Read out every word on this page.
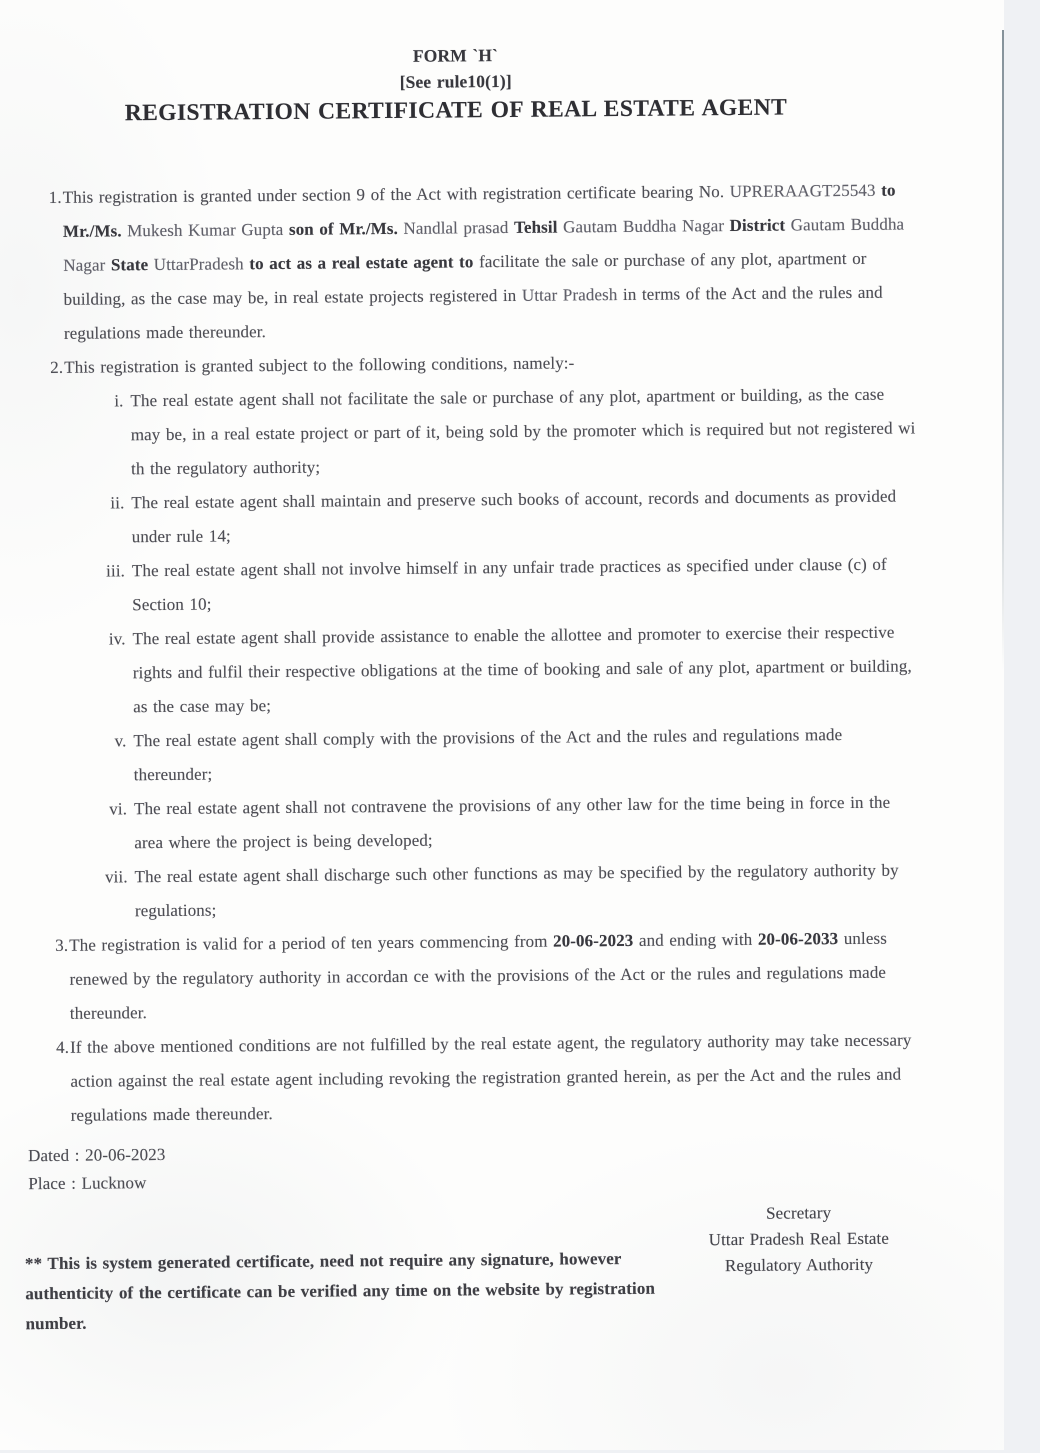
FORM `H`
[See rule10(1)]
REGISTRATION CERTIFICATE OF REAL ESTATE AGENT
1. This registration is granted under section 9 of the Act with registration certificate bearing No. UPRERAAGT25543 to Mr./Ms. Mukesh Kumar Gupta son of Mr./Ms. Nandlal prasad Tehsil Gautam Buddha Nagar District Gautam Buddha Nagar State UttarPradesh to act as a real estate agent to facilitate the sale or purchase of any plot, apartment or building, as the case may be, in real estate projects registered in Uttar Pradesh in terms of the Act and the rules and regulations made thereunder.
2. This registration is granted subject to the following conditions, namely:-
i. The real estate agent shall not facilitate the sale or purchase of any plot, apartment or building, as the case may be, in a real estate project or part of it, being sold by the promoter which is required but not registered wi th the regulatory authority;
ii. The real estate agent shall maintain and preserve such books of account, records and documents as provided under rule 14;
iii. The real estate agent shall not involve himself in any unfair trade practices as specified under clause (c) of Section 10;
iv. The real estate agent shall provide assistance to enable the allottee and promoter to exercise their respective rights and fulfil their respective obligations at the time of booking and sale of any plot, apartment or building, as the case may be;
v. The real estate agent shall comply with the provisions of the Act and the rules and regulations made thereunder;
vi. The real estate agent shall not contravene the provisions of any other law for the time being in force in the area where the project is being developed;
vii. The real estate agent shall discharge such other functions as may be specified by the regulatory authority by regulations;
3. The registration is valid for a period of ten years commencing from 20-06-2023 and ending with 20-06-2033 unless renewed by the regulatory authority in accordan ce with the provisions of the Act or the rules and regulations made thereunder.
4. If the above mentioned conditions are not fulfilled by the real estate agent, the regulatory authority may take necessary action against the real estate agent including revoking the registration granted herein, as per the Act and the rules and regulations made thereunder.
Dated : 20-06-2023
Place : Lucknow
Secretary
Uttar Pradesh Real Estate
Regulatory Authority
** This is system generated certificate, need not require any signature, however authenticity of the certificate can be verified any time on the website by registration number.
